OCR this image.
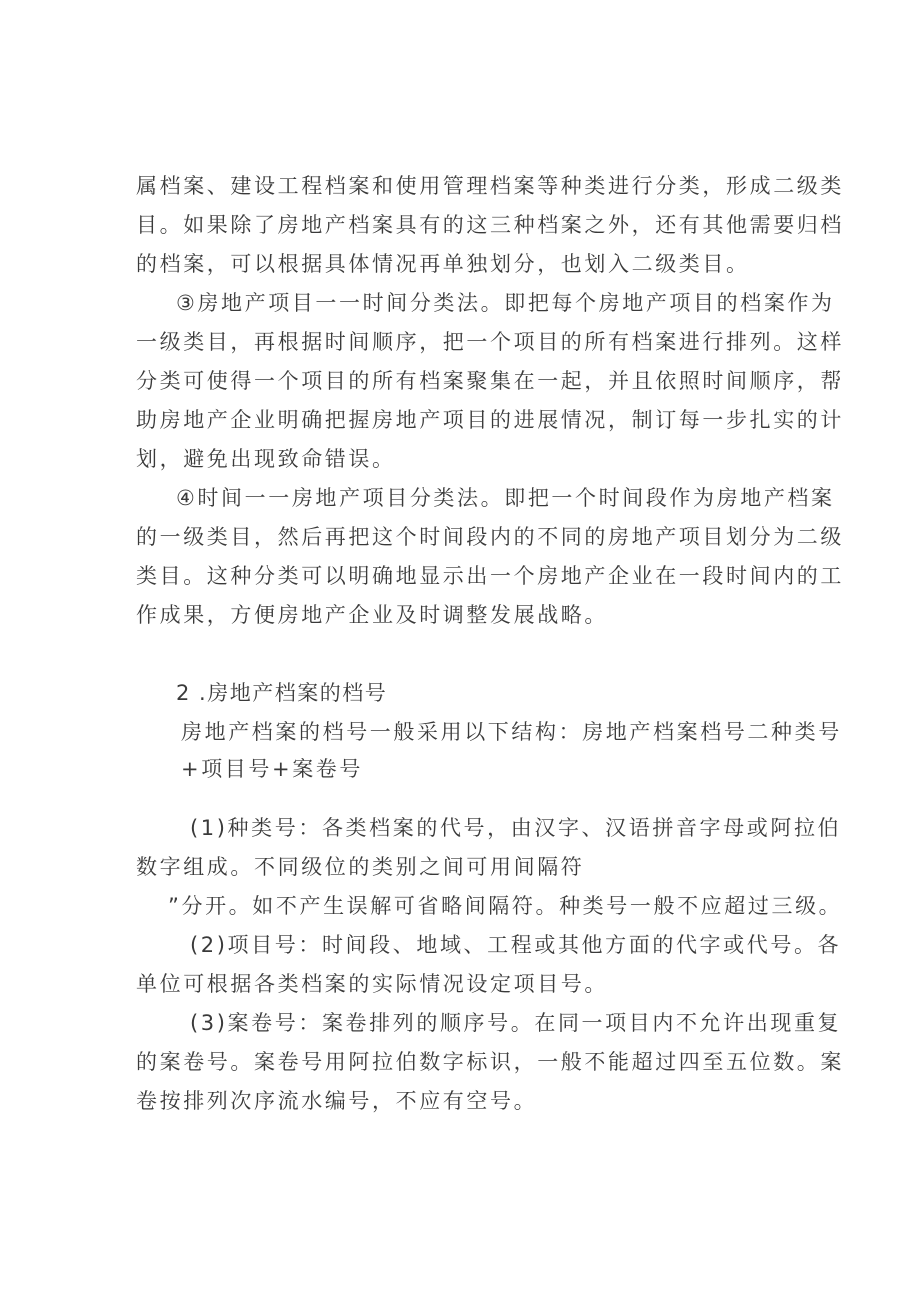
属档案、建设工程档案和使用管理档案等种类进行分类，形成二级类
目。如果除了房地产档案具有的这三种档案之外，还有其他需要归档
的档案，可以根据具体情况再单独划分，也划入二级类目。
③房地产项目一一时间分类法。即把每个房地产项目的档案作为
一级类目，再根据时间顺序，把一个项目的所有档案进行排列。这样
分类可使得一个项目的所有档案聚集在一起，并且依照时间顺序，帮
助房地产企业明确把握房地产项目的进展情况，制订每一步扎实的计
划，避免出现致命错误。
④时间一一房地产项目分类法。即把一个时间段作为房地产档案
的一级类目，然后再把这个时间段内的不同的房地产项目划分为二级
类目。这种分类可以明确地显示出一个房地产企业在一段时间内的工
作成果，方便房地产企业及时调整发展战略。
2 .房地产档案的档号
房地产档案的档号一般采用以下结构：房地产档案档号二种类号
+项目号+案卷号
(1)种类号：各类档案的代号，由汉字、汉语拼音字母或阿拉伯
数字组成。不同级位的类别之间可用间隔符
”分开。如不产生误解可省略间隔符。种类号一般不应超过三级。
(2)项目号：时间段、地域、工程或其他方面的代字或代号。各
单位可根据各类档案的实际情况设定项目号。
(3)案卷号：案卷排列的顺序号。在同一项目内不允许出现重复
的案卷号。案卷号用阿拉伯数字标识，一般不能超过四至五位数。案
卷按排列次序流水编号，不应有空号。
